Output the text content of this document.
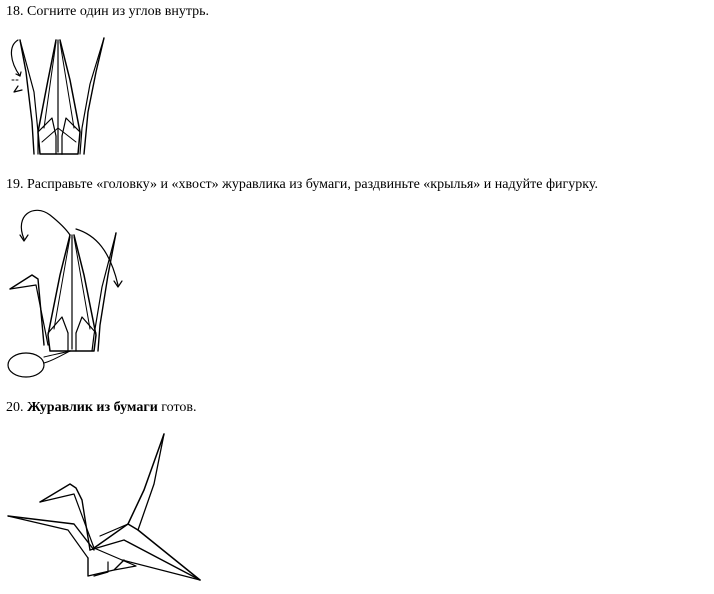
18. Согните один из углов внутрь.
19. Расправьте «головку» и «хвост» журавлика из бумаги, раздвиньте «крылья» и надуйте фигурку.
20. Журавлик из бумаги готов.
